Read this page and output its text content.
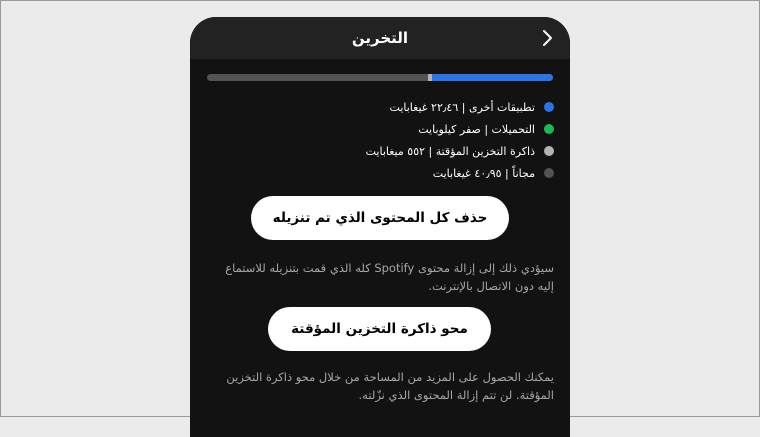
التخرين
تطبيقات أخرى | ٢٢٫٤٦ غيغابايت
التحميلات | صفر كيلوبايت
ذاكرة التخزين المؤقتة | ٥٥٢ ميغابايت
مجاناً | ٤٠٫٩٥ غيغابايت
حذف كل المحتوى الذي تم تنزيله
سيؤدي ذلك إلى إزالة محتوى Spotify كله الذي قمت بتنزيله للاستماع إليه دون الاتصال بالإنترنت.
محو ذاكرة التخزين المؤقتة
يمكنك الحصول على المزيد من المساحة من خلال محو ذاكرة التخزين المؤقتة. لن تتم إزالة المحتوى الذي نزّلته.
